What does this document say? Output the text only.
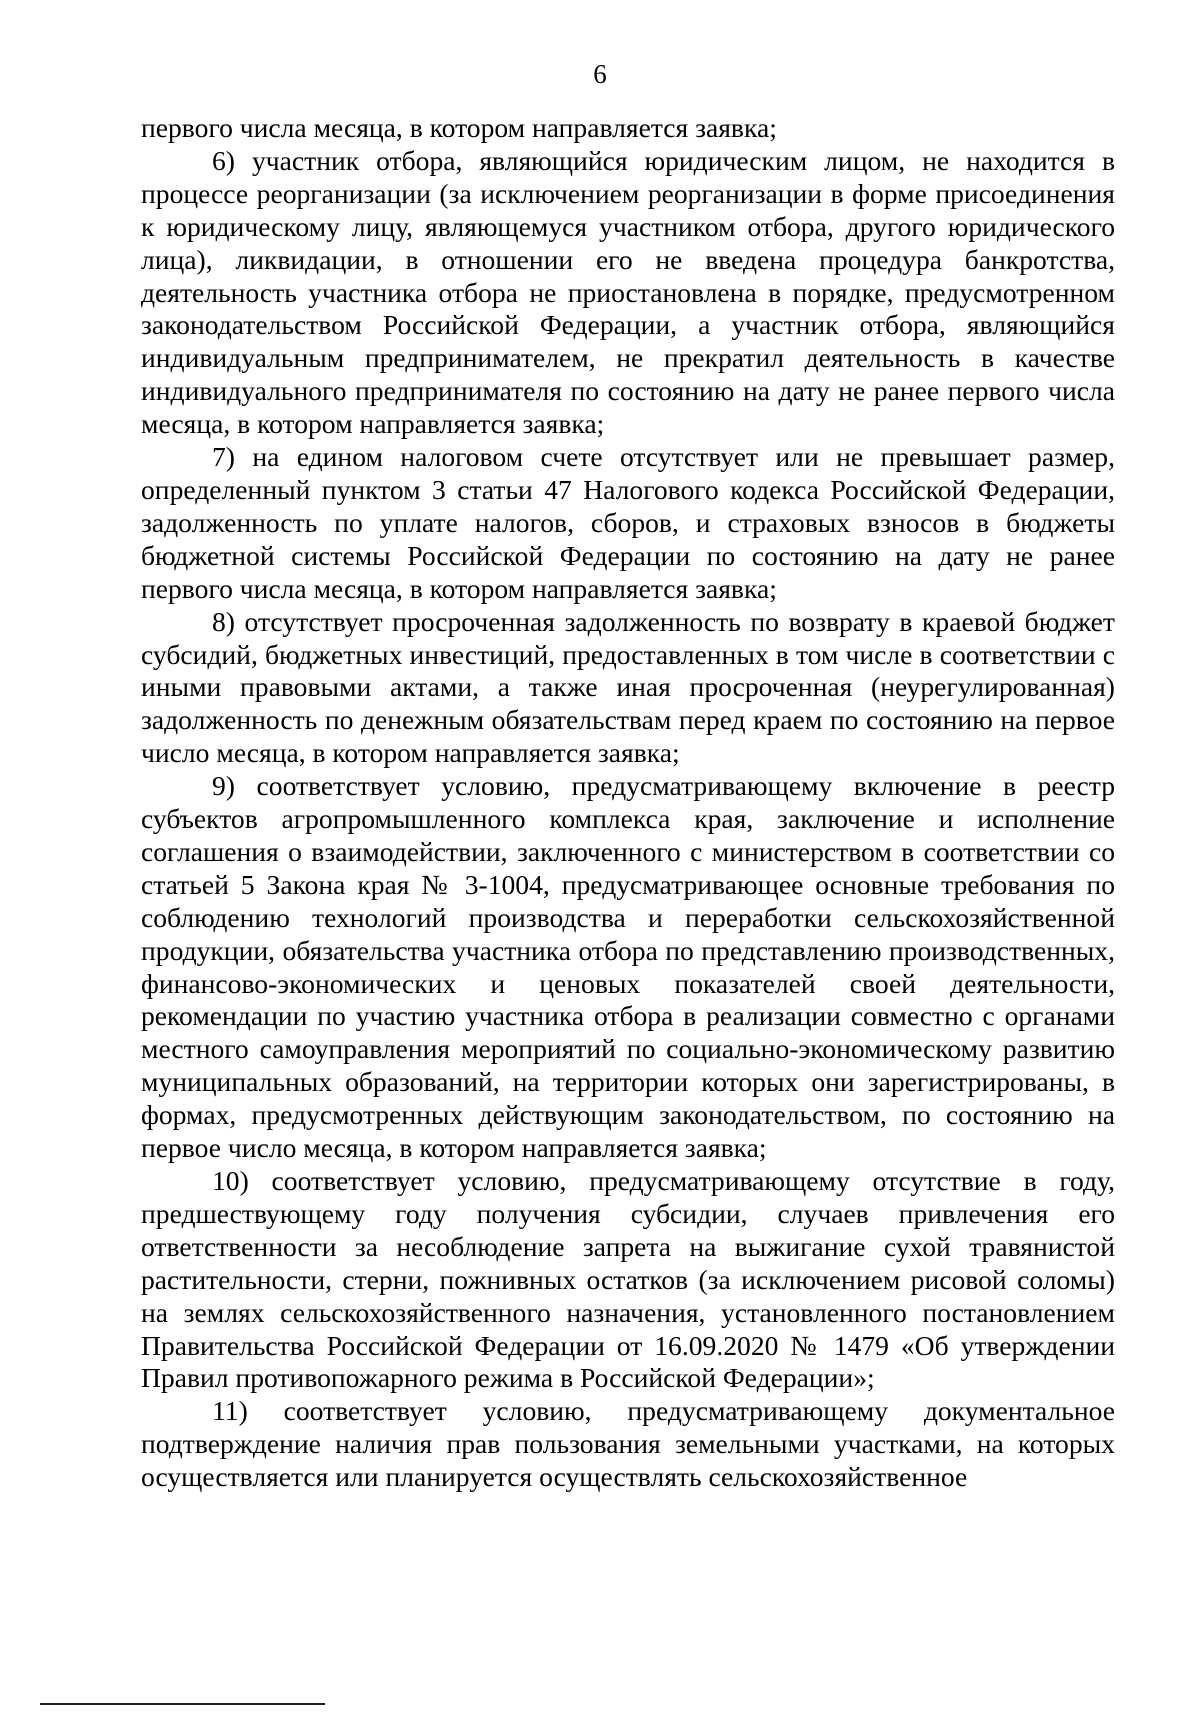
6

первого числа месяца, в котором направляется заявка;

6) участник отбора, являющийся юридическим лицом, не находится в процессе реорганизации (за исключением реорганизации в форме присоединения к юридическому лицу, являющемуся участником отбора, другого юридического лица), ликвидации, в отношении его не введена процедура банкротства, деятельность участника отбора не приостановлена в порядке, предусмотренном законодательством Российской Федерации, а участник отбора, являющийся индивидуальным предпринимателем, не прекратил деятельность в качестве индивидуального предпринимателя по состоянию на дату не ранее первого числа месяца, в котором направляется заявка;

7) на едином налоговом счете отсутствует или не превышает размер, определенный пунктом 3 статьи 47 Налогового кодекса Российской Федерации, задолженность по уплате налогов, сборов, и страховых взносов в бюджеты бюджетной системы Российской Федерации по состоянию на дату не ранее первого числа месяца, в котором направляется заявка;

8) отсутствует просроченная задолженность по возврату в краевой бюджет субсидий, бюджетных инвестиций, предоставленных в том числе в соответствии с иными правовыми актами, а также иная просроченная (неурегулированная) задолженность по денежным обязательствам перед краем по состоянию на первое число месяца, в котором направляется заявка;

9) соответствует условию, предусматривающему включение в реестр субъектов агропромышленного комплекса края, заключение и исполнение соглашения о взаимодействии, заключенного с министерством в соответствии со статьей 5 Закона края № 3-1004, предусматривающее основные требования по соблюдению технологий производства и переработки сельскохозяйственной продукции, обязательства участника отбора по представлению производственных, финансово-экономических и ценовых показателей своей деятельности, рекомендации по участию участника отбора в реализации совместно с органами местного самоуправления мероприятий по социально-экономическому развитию муниципальных образований, на территории которых они зарегистрированы, в формах, предусмотренных действующим законодательством, по состоянию на первое число месяца, в котором направляется заявка;

10) соответствует условию, предусматривающему отсутствие в году, предшествующему году получения субсидии, случаев привлечения его ответственности за несоблюдение запрета на выжигание сухой травянистой растительности, стерни, пожнивных остатков (за исключением рисовой соломы) на землях сельскохозяйственного назначения, установленного постановлением Правительства Российской Федерации от 16.09.2020 № 1479 «Об утверждении Правил противопожарного режима в Российской Федерации»;

11) соответствует условию, предусматривающему документальное подтверждение наличия прав пользования земельными участками, на которых осуществляется или планируется осуществлять сельскохозяйственное
